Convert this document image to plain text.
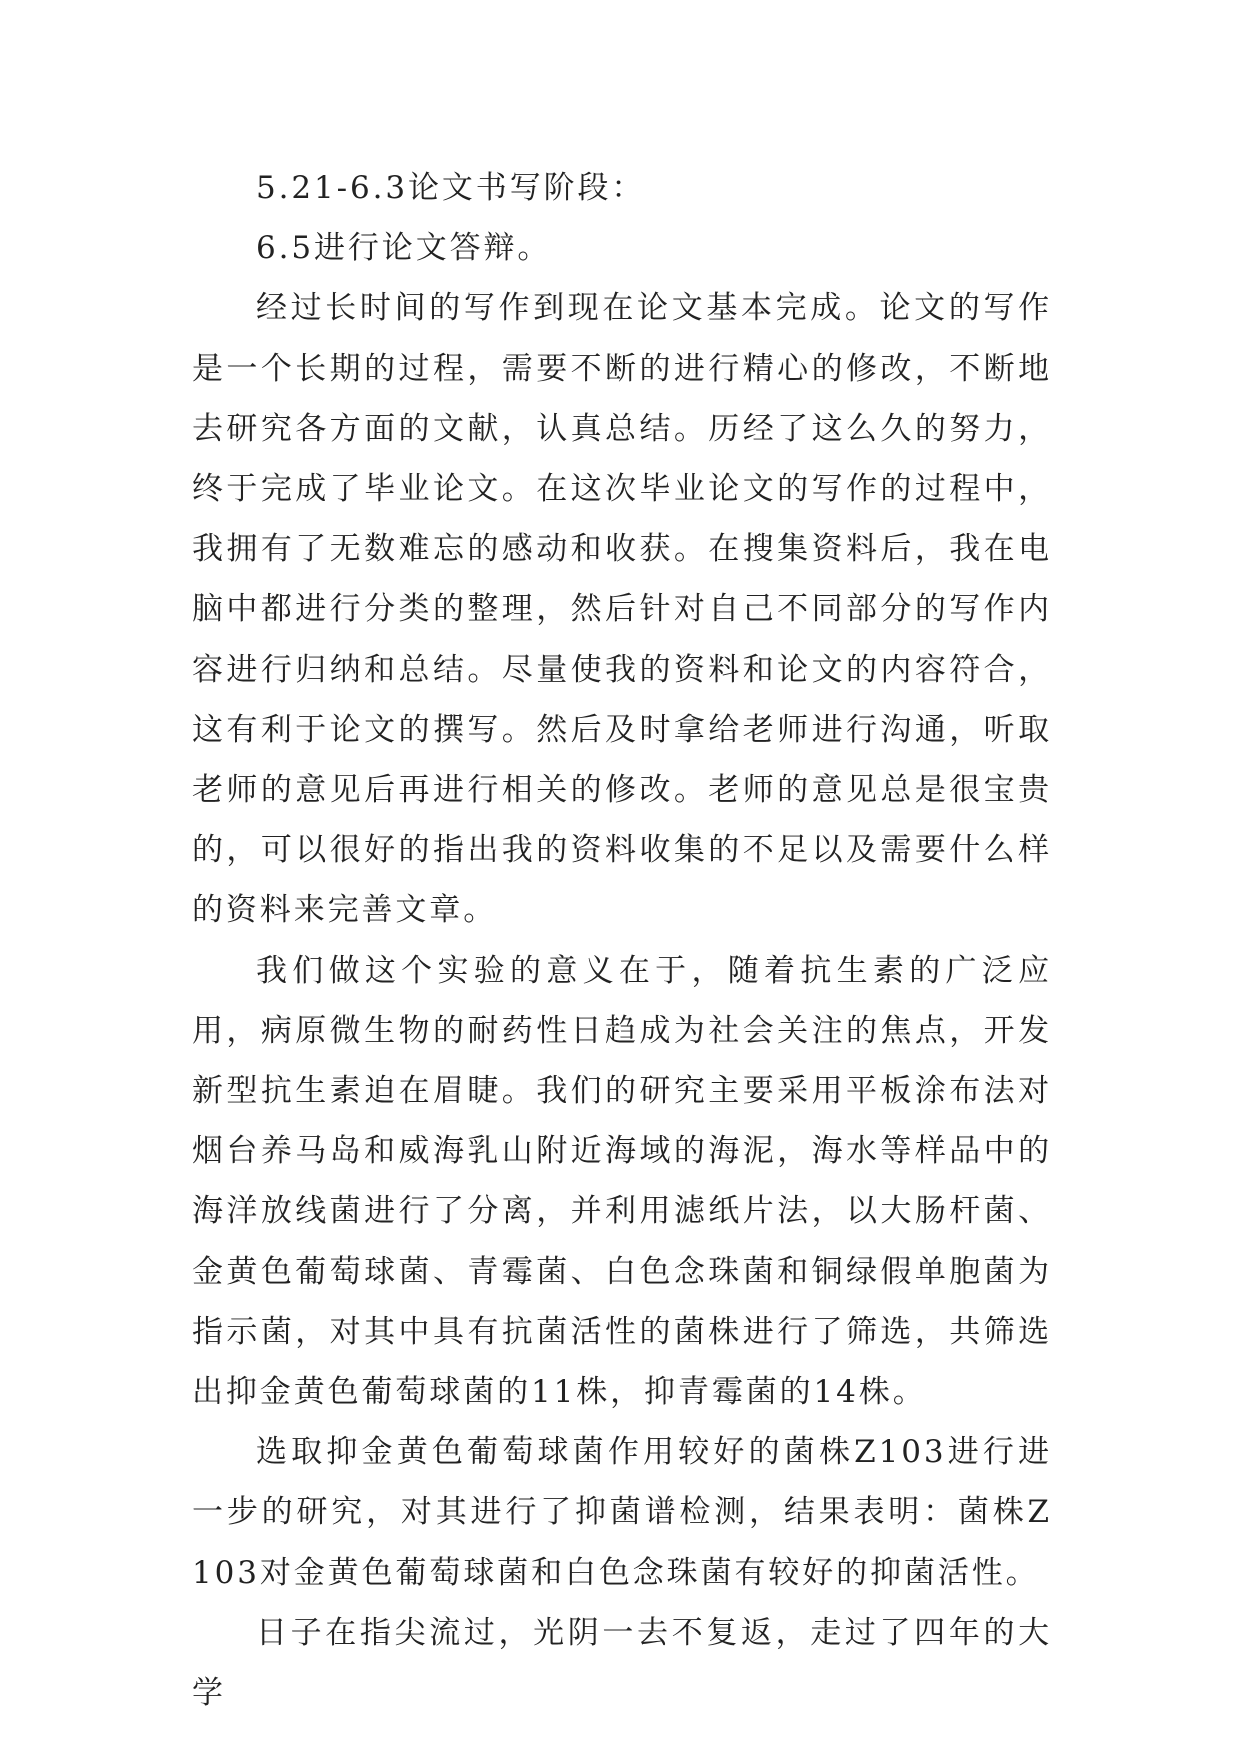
5.21-6.3论文书写阶段：

6.5进行论文答辩。

经过长时间的写作到现在论文基本完成。论文的写作是一个长期的过程，需要不断的进行精心的修改，不断地去研究各方面的文献，认真总结。历经了这么久的努力，终于完成了毕业论文。在这次毕业论文的写作的过程中，我拥有了无数难忘的感动和收获。在搜集资料后，我在电脑中都进行分类的整理，然后针对自己不同部分的写作内容进行归纳和总结。尽量使我的资料和论文的内容符合，这有利于论文的撰写。然后及时拿给老师进行沟通，听取老师的意见后再进行相关的修改。老师的意见总是很宝贵的，可以很好的指出我的资料收集的不足以及需要什么样的资料来完善文章。

我们做这个实验的意义在于，随着抗生素的广泛应用，病原微生物的耐药性日趋成为社会关注的焦点，开发新型抗生素迫在眉睫。我们的研究主要采用平板涂布法对烟台养马岛和威海乳山附近海域的海泥，海水等样品中的海洋放线菌进行了分离，并利用滤纸片法，以大肠杆菌、金黄色葡萄球菌、青霉菌、白色念珠菌和铜绿假单胞菌为指示菌，对其中具有抗菌活性的菌株进行了筛选，共筛选出抑金黄色葡萄球菌的11株，抑青霉菌的14株。

选取抑金黄色葡萄球菌作用较好的菌株Z103进行进一步的研究，对其进行了抑菌谱检测，结果表明：菌株Z103对金黄色葡萄球菌和白色念珠菌有较好的抑菌活性。

日子在指尖流过，光阴一去不复返，走过了四年的大学
